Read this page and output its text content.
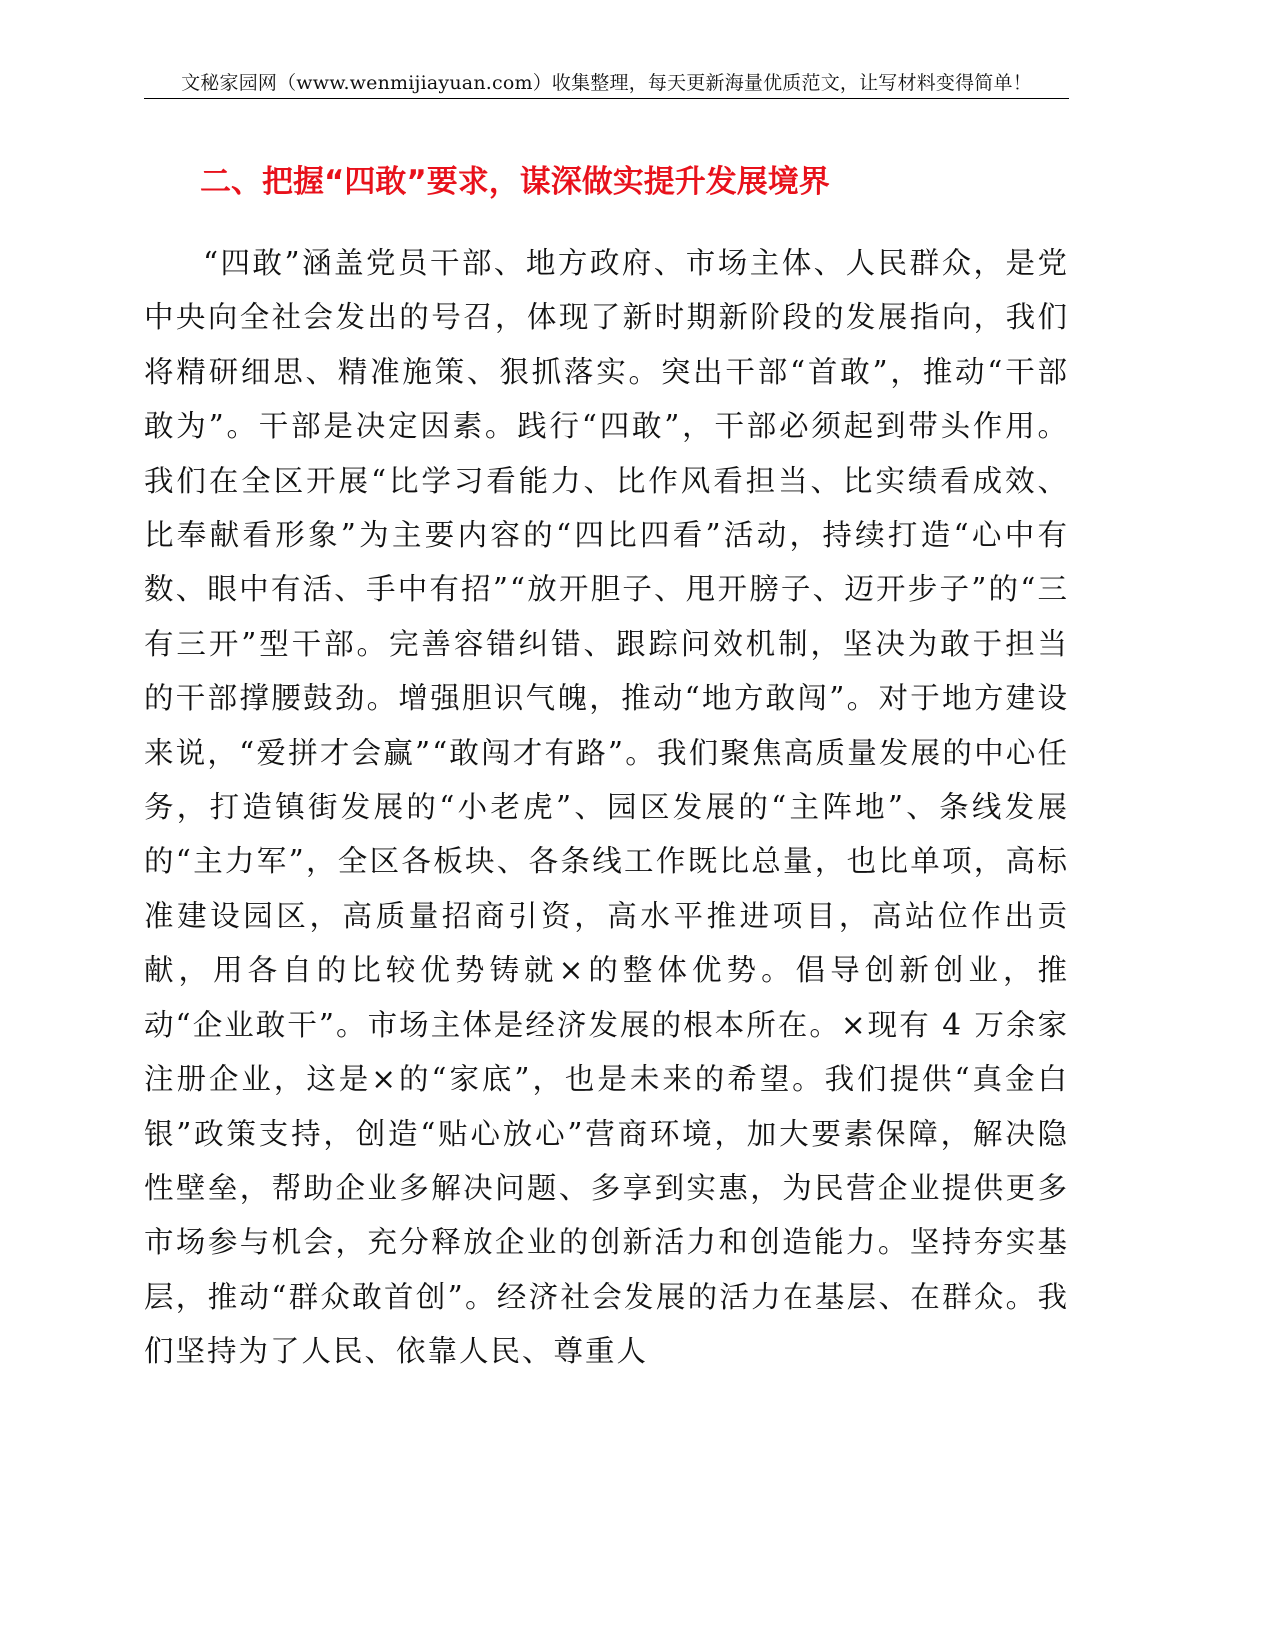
文秘家园网（www.wenmijiayuan.com）收集整理，每天更新海量优质范文，让写材料变得简单！
二、把握“四敢”要求，谋深做实提升发展境界

“四敢”涵盖党员干部、地方政府、市场主体、人民群众，是党中央向全社会发出的号召，体现了新时期新阶段的发展指向，我们将精研细思、精准施策、狠抓落实。突出干部“首敢”，推动“干部敢为”。干部是决定因素。践行“四敢”，干部必须起到带头作用。我们在全区开展“比学习看能力、比作风看担当、比实绩看成效、比奉献看形象”为主要内容的“四比四看”活动，持续打造“心中有数、眼中有活、手中有招”“放开胆子、甩开膀子、迈开步子”的“三有三开”型干部。完善容错纠错、跟踪问效机制，坚决为敢于担当的干部撑腰鼓劲。增强胆识气魄，推动“地方敢闯”。对于地方建设来说，“爱拼才会赢”“敢闯才有路”。我们聚焦高质量发展的中心任务，打造镇街发展的“小老虎”、园区发展的“主阵地”、条线发展的“主力军”，全区各板块、各条线工作既比总量，也比单项，高标准建设园区，高质量招商引资，高水平推进项目，高站位作出贡献，用各自的比较优势铸就×的整体优势。倡导创新创业，推动“企业敢干”。市场主体是经济发展的根本所在。×现有 4 万余家注册企业，这是×的“家底”，也是未来的希望。我们提供“真金白银”政策支持，创造“贴心放心”营商环境，加大要素保障，解决隐性壁垒，帮助企业多解决问题、多享到实惠，为民营企业提供更多市场参与机会，充分释放企业的创新活力和创造能力。坚持夯实基层，推动“群众敢首创”。经济社会发展的活力在基层、在群众。我们坚持为了人民、依靠人民、尊重人
